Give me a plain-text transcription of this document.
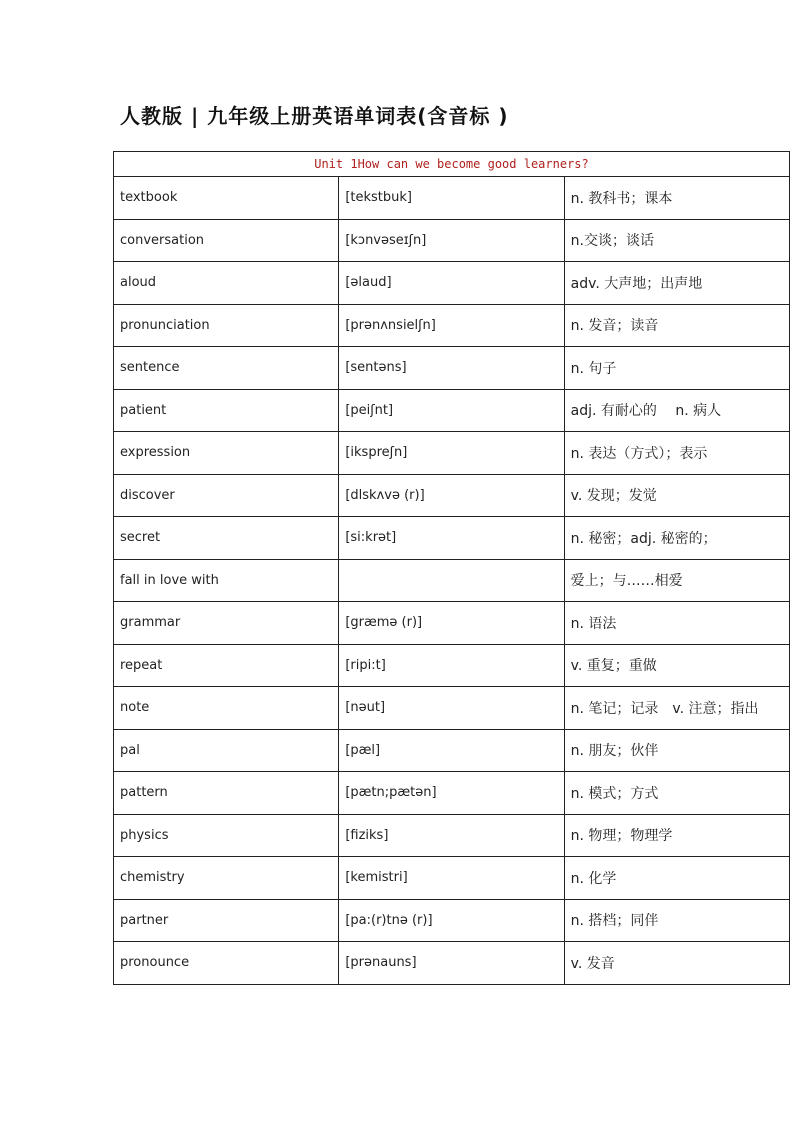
人教版 | 九年级上册英语单词表(含音标 )
Unit 1How can we become good learners?		
textbook	[tekstbuk]	n. 教科书；课本
conversation	[kɔnvəseɪʃn]	n.交谈；谈话
aloud	[əlaud]	adv. 大声地；出声地
pronunciation	[prənʌnsielʃn]	n. 发音；读音
sentence	[sentəns]	n. 句子
patient	[peiʃnt]	adj. 有耐心的　 n. 病人
expression	[ikspreʃn]	n. 表达（方式）；表示
discover	[dlskʌvə (r)]	v. 发现；发觉
secret	[si:krət]	n. 秘密；adj. 秘密的；
fall in love with		爱上；与……相爱
grammar	[græmə (r)]	n. 语法
repeat	[ripi:t]	v. 重复；重做
note	[nəut]	n. 笔记；记录　v. 注意；指出
pal	[pæl]	n. 朋友；伙伴
pattern	[pætn;pætən]	n. 模式；方式
physics	[fiziks]	n. 物理；物理学
chemistry	[kemistri]	n. 化学
partner	[pa:(r)tnə (r)]	n. 搭档；同伴
pronounce	[prənauns]	v. 发音
